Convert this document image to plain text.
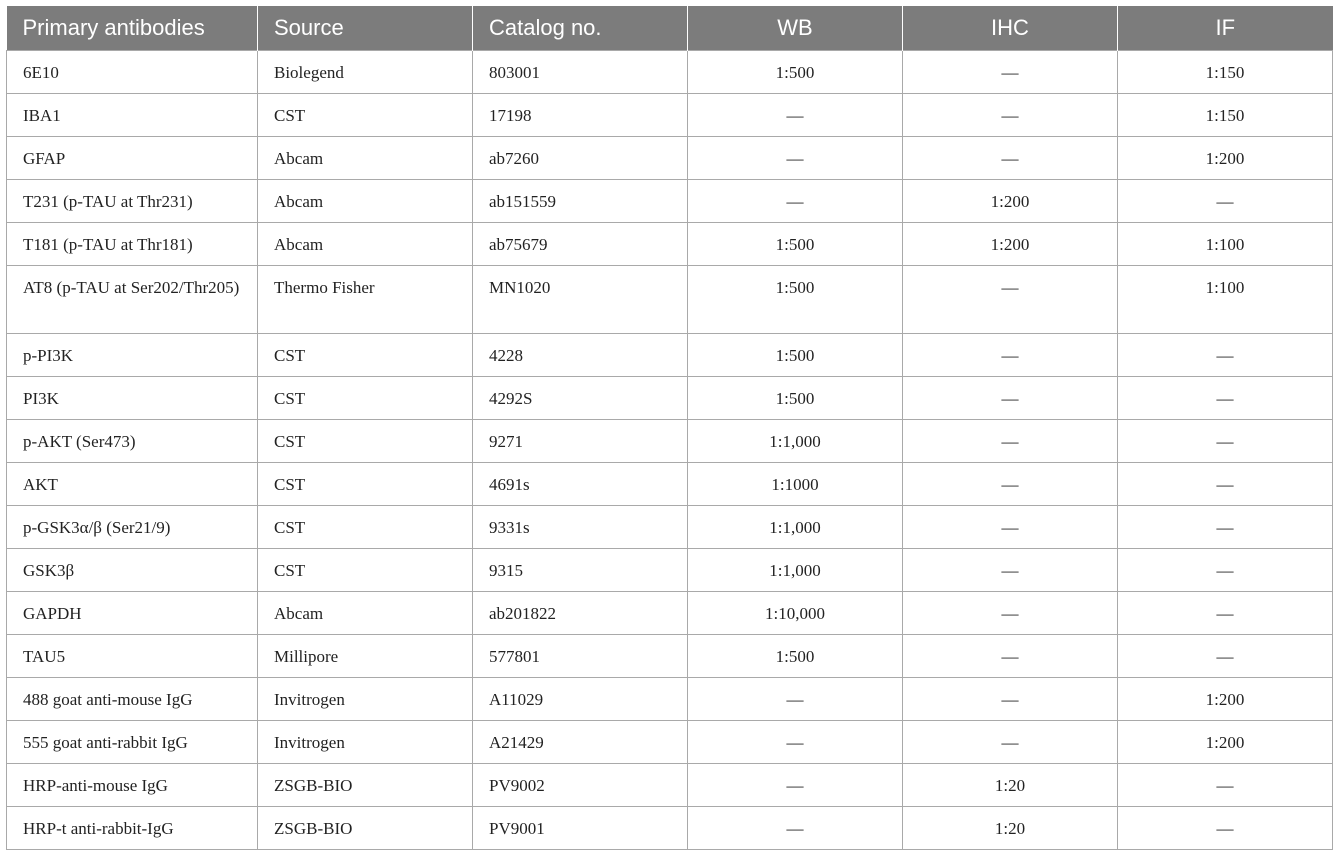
Primary antibodies	Source	Catalog no.	WB	IHC	IF
6E10	Biolegend	803001	1:500	—	1:150
IBA1	CST	17198	—	—	1:150
GFAP	Abcam	ab7260	—	—	1:200
T231 (p-TAU at Thr231)	Abcam	ab151559	—	1:200	—
T181 (p-TAU at Thr181)	Abcam	ab75679	1:500	1:200	1:100
AT8 (p-TAU at Ser202/Thr205)	Thermo Fisher	MN1020	1:500	—	1:100
p-PI3K	CST	4228	1:500	—	—
PI3K	CST	4292S	1:500	—	—
p-AKT (Ser473)	CST	9271	1:1,000	—	—
AKT	CST	4691s	1:1000	—	—
p-GSK3α/β (Ser21/9)	CST	9331s	1:1,000	—	—
GSK3β	CST	9315	1:1,000	—	—
GAPDH	Abcam	ab201822	1:10,000	—	—
TAU5	Millipore	577801	1:500	—	—
488 goat anti-mouse IgG	Invitrogen	A11029	—	—	1:200
555 goat anti-rabbit IgG	Invitrogen	A21429	—	—	1:200
HRP-anti-mouse IgG	ZSGB-BIO	PV9002	—	1:20	—
HRP-t anti-rabbit-IgG	ZSGB-BIO	PV9001	—	1:20	—
